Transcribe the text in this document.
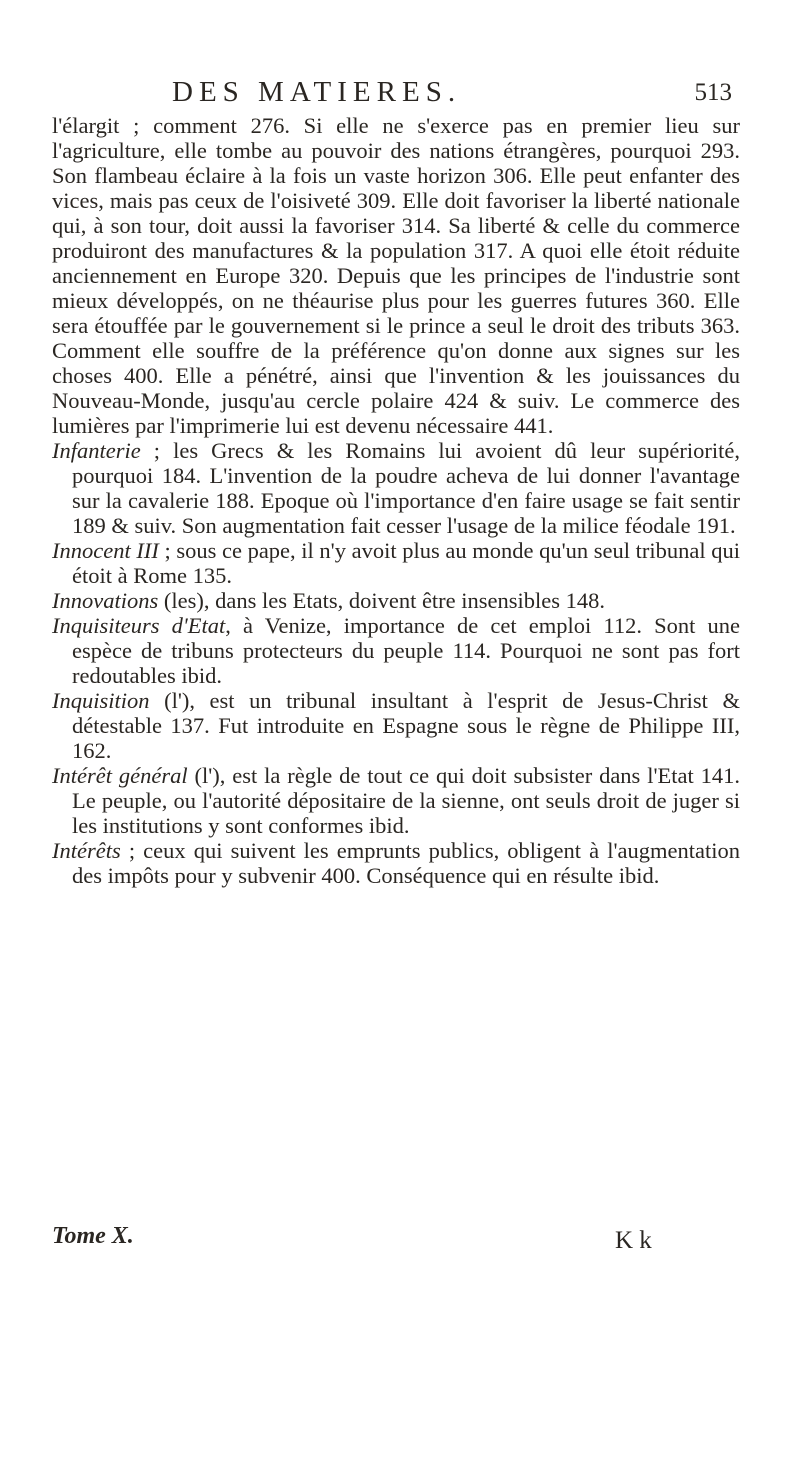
DES MATIERES.	513

l'élargit ; comment 276. Si elle ne s'exerce pas en premier lieu sur l'agriculture, elle tombe au pouvoir des nations étrangères, pourquoi 293. Son flambeau éclaire à la fois un vaste horizon 306. Elle peut enfanter des vices, mais pas ceux de l'oisiveté 309. Elle doit favoriser la liberté nationale qui, à son tour, doit aussi la favoriser 314. Sa liberté & celle du commerce produiront des manufactures & la population 317. A quoi elle étoit réduite anciennement en Europe 320. Depuis que les principes de l'industrie sont mieux développés, on ne théaurise plus pour les guerres futures 360. Elle sera étouffée par le gouvernement si le prince a seul le droit des tributs 363. Comment elle souffre de la préférence qu'on donne aux signes sur les choses 400. Elle a pénétré, ainsi que l'invention & les jouissances du Nouveau-Monde, jusqu'au cercle polaire 424 & suiv. Le commerce des lumières par l'imprimerie lui est devenu nécessaire 441.

Infanterie ; les Grecs & les Romains lui avoient dû leur supériorité, pourquoi 184. L'invention de la poudre acheva de lui donner l'avantage sur la cavalerie 188. Epoque où l'importance d'en faire usage se fait sentir 189 & suiv. Son augmentation fait cesser l'usage de la milice féodale 191.

Innocent III ; sous ce pape, il n'y avoit plus au monde qu'un seul tribunal qui étoit à Rome 135.

Innovations (les), dans les Etats, doivent être insensibles 148.

Inquisiteurs d'Etat, à Venize, importance de cet emploi 112. Sont une espèce de tribuns protecteurs du peuple 114. Pourquoi ne sont pas fort redoutables ibid.

Inquisition (l'), est un tribunal insultant à l'esprit de Jesus-Christ & détestable 137. Fut introduite en Espagne sous le règne de Philippe III, 162.

Intérêt général (l'), est la règle de tout ce qui doit subsister dans l'Etat 141. Le peuple, ou l'autorité dépositaire de la sienne, ont seuls droit de juger si les institutions y sont conformes ibid.

Intérêts ; ceux qui suivent les emprunts publics, obligent à l'augmentation des impôts pour y subvenir 400. Conséquence qui en résulte ibid.

Tome X.	K k
